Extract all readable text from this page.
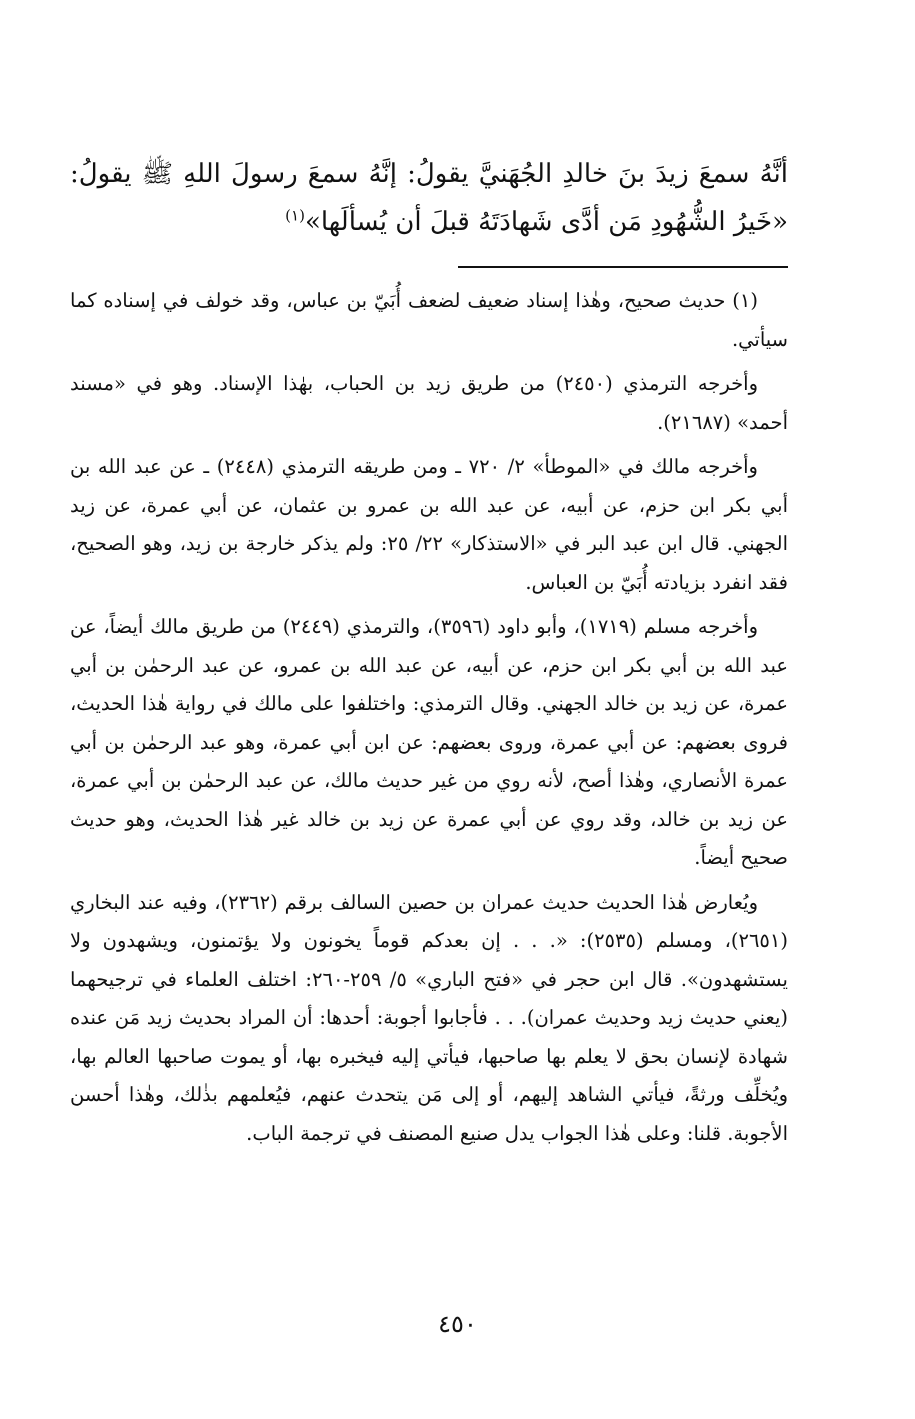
أنَّهُ سمعَ زيدَ بنَ خالدِ الجُهَنيَّ يقولُ: إنَّهُ سمعَ رسولَ اللهِ ﷺ يقولُ: «خَيرُ الشُّهُودِ مَن أدَّى شَهادَتَهُ قبلَ أن يُسألَها»$^{(١)}$

(١) حديث صحيح، وهٰذا إسناد ضعيف لضعف أُبَيّ بن عباس، وقد خولف في إسناده كما سيأتي.

وأخرجه الترمذي (٢٤٥٠) من طريق زيد بن الحباب، بهٰذا الإسناد. وهو في «مسند أحمد» (٢١٦٨٧).

وأخرجه مالك في «الموطأ» ٢/ ٧٢٠ ـ ومن طريقه الترمذي (٢٤٤٨) ـ عن عبد الله بن أبي بكر ابن حزم، عن أبيه، عن عبد الله بن عمرو بن عثمان، عن أبي عمرة، عن زيد الجهني. قال ابن عبد البر في «الاستذكار» ٢٢/ ٢٥: ولم يذكر خارجة بن زيد، وهو الصحيح، فقد انفرد بزيادته أُبَيّ بن العباس.

وأخرجه مسلم (١٧١٩)، وأبو داود (٣٥٩٦)، والترمذي (٢٤٤٩) من طريق مالك أيضاً، عن عبد الله بن أبي بكر ابن حزم، عن أبيه، عن عبد الله بن عمرو، عن عبد الرحمٰن بن أبي عمرة، عن زيد بن خالد الجهني. وقال الترمذي: واختلفوا على مالك في رواية هٰذا الحديث، فروى بعضهم: عن أبي عمرة، وروى بعضهم: عن ابن أبي عمرة، وهو عبد الرحمٰن بن أبي عمرة الأنصاري، وهٰذا أصح، لأنه روي من غير حديث مالك، عن عبد الرحمٰن بن أبي عمرة، عن زيد بن خالد، وقد روي عن أبي عمرة عن زيد بن خالد غير هٰذا الحديث، وهو حديث صحيح أيضاً.

ويُعارض هٰذا الحديث حديث عمران بن حصين السالف برقم (٢٣٦٢)، وفيه عند البخاري (٢٦٥١)، ومسلم (٢٥٣٥): «. . . إن بعدكم قوماً يخونون ولا يؤتمنون، ويشهدون ولا يستشهدون». قال ابن حجر في «فتح الباري» ٥/ ٢٥٩-٢٦٠: اختلف العلماء في ترجيحهما (يعني حديث زيد وحديث عمران). . . فأجابوا أجوبة: أحدها: أن المراد بحديث زيد مَن عنده شهادة لإنسان بحق لا يعلم بها صاحبها، فيأتي إليه فيخبره بها، أو يموت صاحبها العالم بها، ويُخلِّف ورثةً، فيأتي الشاهد إليهم، أو إلى مَن يتحدث عنهم، فيُعلمهم بذٰلك، وهٰذا أحسن الأجوبة. قلنا: وعلى هٰذا الجواب يدل صنيع المصنف في ترجمة الباب.

٤٥٠
